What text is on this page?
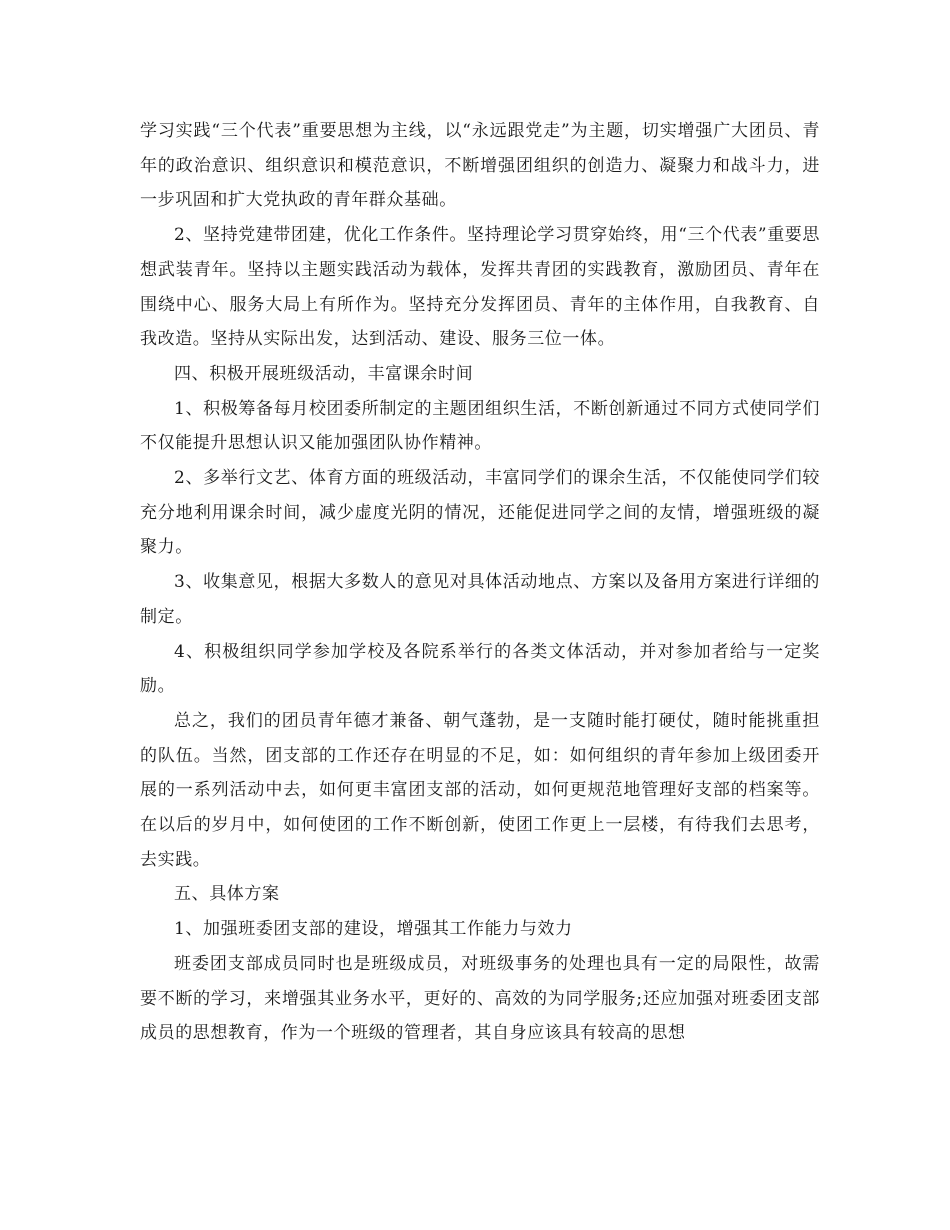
学习实践“三个代表”重要思想为主线，以“永远跟党走”为主题，切实增强广大团员、青年的政治意识、组织意识和模范意识，不断增强团组织的创造力、凝聚力和战斗力，进一步巩固和扩大党执政的青年群众基础。

2、坚持党建带团建，优化工作条件。坚持理论学习贯穿始终，用“三个代表”重要思想武装青年。坚持以主题实践活动为载体，发挥共青团的实践教育，激励团员、青年在围绕中心、服务大局上有所作为。坚持充分发挥团员、青年的主体作用，自我教育、自我改造。坚持从实际出发，达到活动、建设、服务三位一体。

四、积极开展班级活动，丰富课余时间

1、积极筹备每月校团委所制定的主题团组织生活，不断创新通过不同方式使同学们不仅能提升思想认识又能加强团队协作精神。

2、多举行文艺、体育方面的班级活动，丰富同学们的课余生活，不仅能使同学们较充分地利用课余时间，减少虚度光阴的情况，还能促进同学之间的友情，增强班级的凝聚力。

3、收集意见，根据大多数人的意见对具体活动地点、方案以及备用方案进行详细的制定。

4、积极组织同学参加学校及各院系举行的各类文体活动，并对参加者给与一定奖励。

总之，我们的团员青年德才兼备、朝气蓬勃，是一支随时能打硬仗，随时能挑重担的队伍。当然，团支部的工作还存在明显的不足，如：如何组织的青年参加上级团委开展的一系列活动中去，如何更丰富团支部的活动，如何更规范地管理好支部的档案等。在以后的岁月中，如何使团的工作不断创新，使团工作更上一层楼，有待我们去思考，去实践。

五、具体方案

1、加强班委团支部的建设，增强其工作能力与效力

班委团支部成员同时也是班级成员，对班级事务的处理也具有一定的局限性，故需要不断的学习，来增强其业务水平，更好的、高效的为同学服务;还应加强对班委团支部成员的思想教育，作为一个班级的管理者，其自身应该具有较高的思想
